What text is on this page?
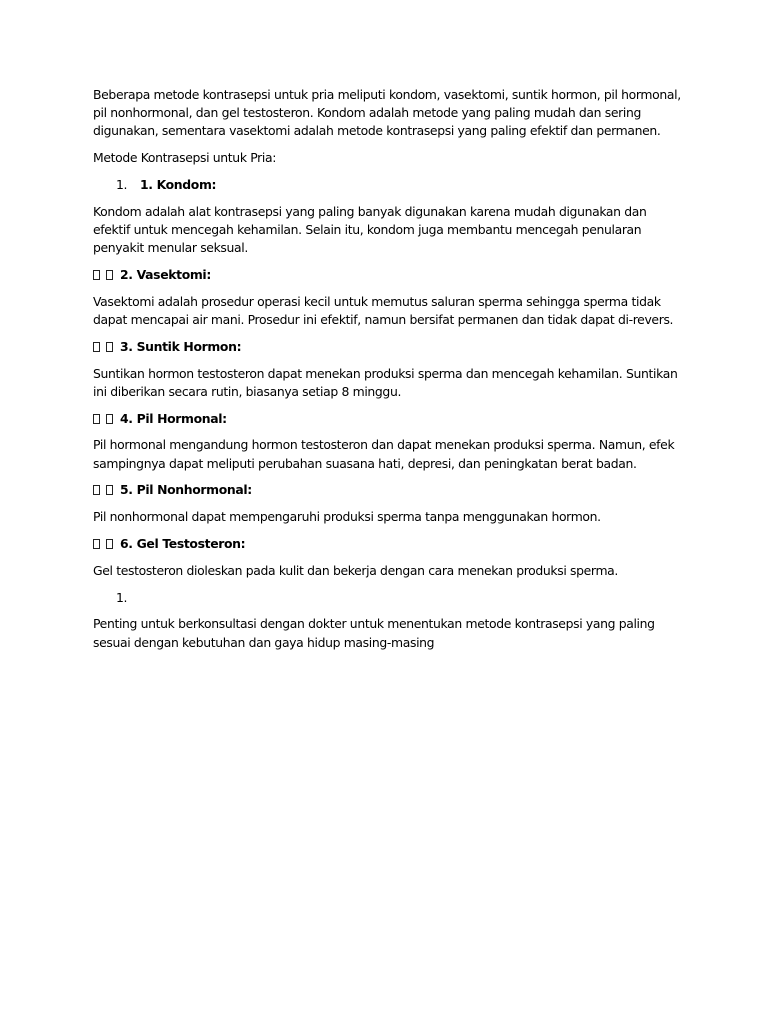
Beberapa metode kontrasepsi untuk pria meliputi kondom, vasektomi, suntik hormon, pil hormonal, pil nonhormonal, dan gel testosteron. Kondom adalah metode yang paling mudah dan sering digunakan, sementara vasektomi adalah metode kontrasepsi yang paling efektif dan permanen.

Metode Kontrasepsi untuk Pria:

1. 1. Kondom:

Kondom adalah alat kontrasepsi yang paling banyak digunakan karena mudah digunakan dan efektif untuk mencegah kehamilan. Selain itu, kondom juga membantu mencegah penularan penyakit menular seksual.

2. Vasektomi:

Vasektomi adalah prosedur operasi kecil untuk memutus saluran sperma sehingga sperma tidak dapat mencapai air mani. Prosedur ini efektif, namun bersifat permanen dan tidak dapat di-revers.

3. Suntik Hormon:

Suntikan hormon testosteron dapat menekan produksi sperma dan mencegah kehamilan. Suntikan ini diberikan secara rutin, biasanya setiap 8 minggu.

4. Pil Hormonal:

Pil hormonal mengandung hormon testosteron dan dapat menekan produksi sperma. Namun, efek sampingnya dapat meliputi perubahan suasana hati, depresi, dan peningkatan berat badan.

5. Pil Nonhormonal:

Pil nonhormonal dapat mempengaruhi produksi sperma tanpa menggunakan hormon.

6. Gel Testosteron:

Gel testosteron dioleskan pada kulit dan bekerja dengan cara menekan produksi sperma.

1.

Penting untuk berkonsultasi dengan dokter untuk menentukan metode kontrasepsi yang paling sesuai dengan kebutuhan dan gaya hidup masing-masing
